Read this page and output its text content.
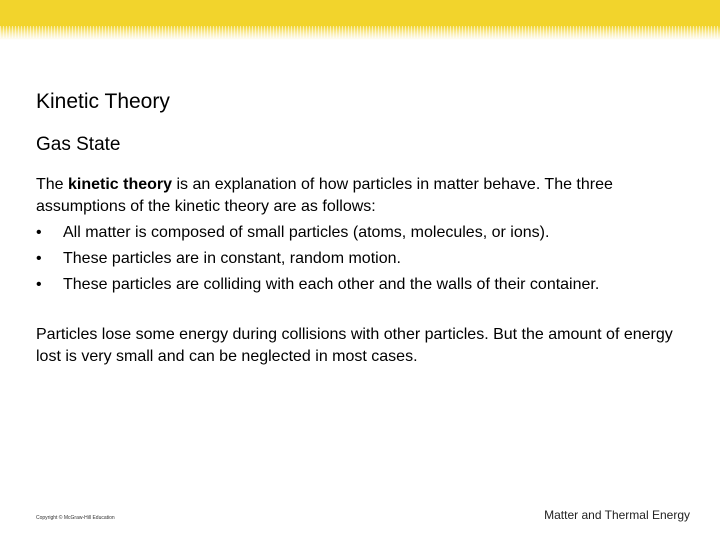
Kinetic Theory
Gas State
The kinetic theory is an explanation of how particles in matter behave. The three assumptions of the kinetic theory are as follows:
• All matter is composed of small particles (atoms, molecules, or ions).
• These particles are in constant, random motion.
• These particles are colliding with each other and the walls of their container.
Particles lose some energy during collisions with other particles. But the amount of energy lost is very small and can be neglected in most cases.
Copyright © McGraw-Hill Education	Matter and Thermal Energy
